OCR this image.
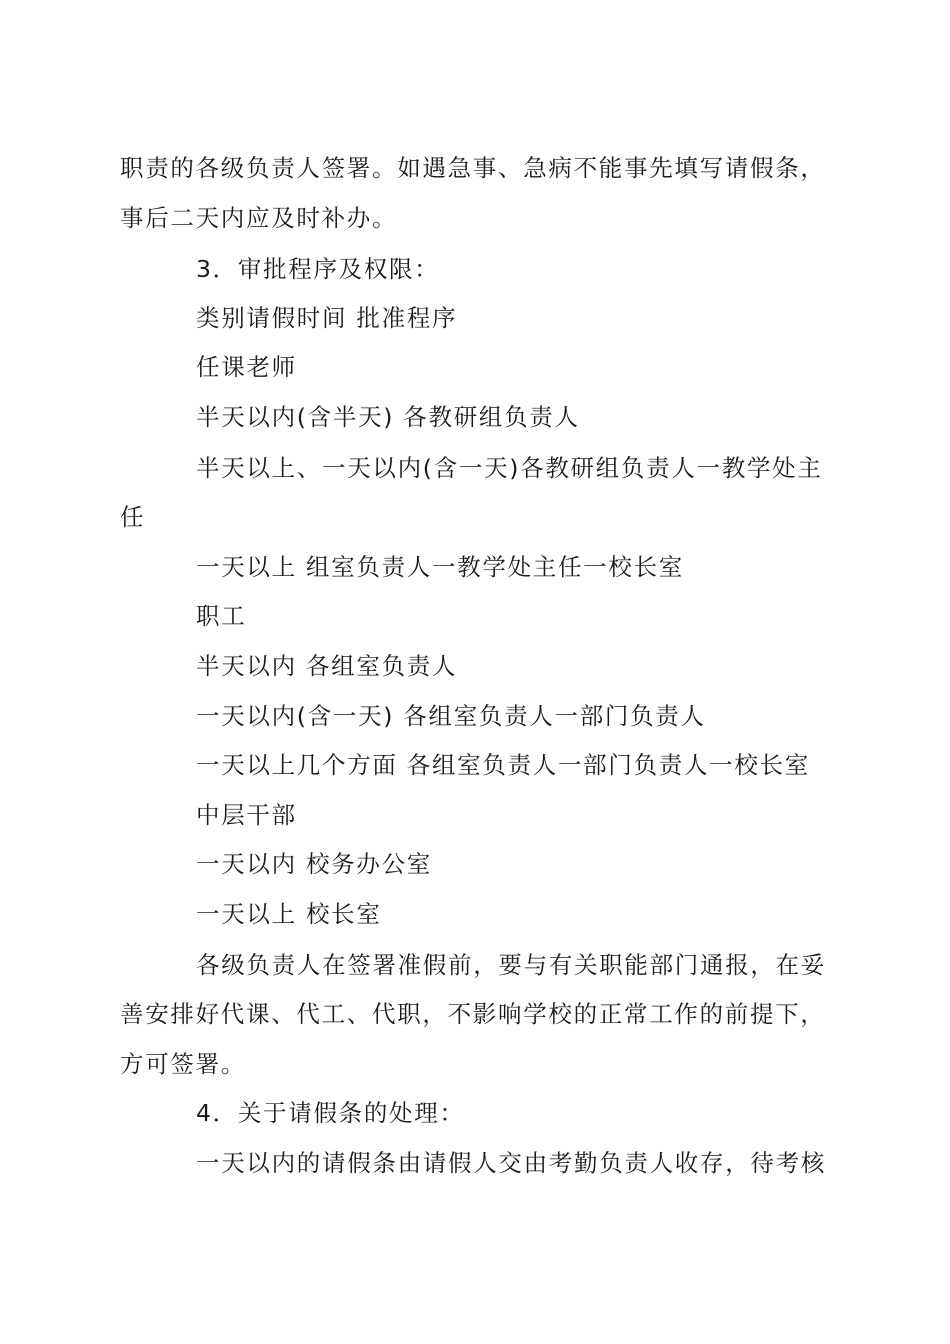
职责的各级负责人签署。如遇急事、急病不能事先填写请假条，
事后二天内应及时补办。
3．审批程序及权限：
类别请假时间 批准程序
任课老师
半天以内(含半天) 各教研组负责人
半天以上、一天以内(含一天)各教研组负责人一教学处主
任
一天以上 组室负责人一教学处主任一校长室
职工
半天以内 各组室负责人
一天以内(含一天) 各组室负责人一部门负责人
一天以上几个方面 各组室负责人一部门负责人一校长室
中层干部
一天以内 校务办公室
一天以上 校长室
各级负责人在签署准假前，要与有关职能部门通报，在妥
善安排好代课、代工、代职，不影响学校的正常工作的前提下，
方可签署。
4．关于请假条的处理：
一天以内的请假条由请假人交由考勤负责人收存，待考核
